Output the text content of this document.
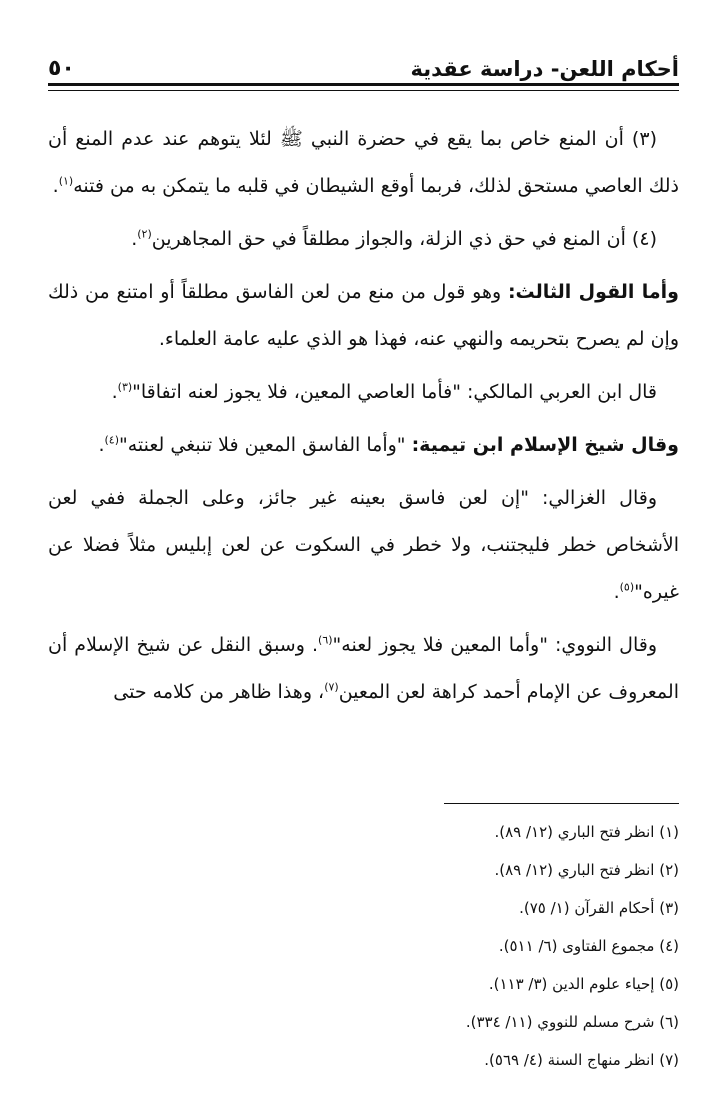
أحكام اللعن- دراسة عقدية
٥٠

(٣) أن المنع خاص بما يقع في حضرة النبي ﷺ لئلا يتوهم عند عدم المنع أن ذلك العاصي مستحق لذلك، فربما أوقع الشيطان في قلبه ما يتمكن به من فتنه$^{(١)}$.

(٤) أن المنع في حق ذي الزلة، والجواز مطلقاً في حق المجاهرين$^{(٢)}$.

وأما القول الثالث: وهو قول من منع من لعن الفاسق مطلقاً أو امتنع من ذلك وإن لم يصرح بتحريمه والنهي عنه، فهذا هو الذي عليه عامة العلماء.

قال ابن العربي المالكي: "فأما العاصي المعين، فلا يجوز لعنه اتفاقا"$^{(٣)}$.

وقال شيخ الإسلام ابن تيمية: "وأما الفاسق المعين فلا تنبغي لعنته"$^{(٤)}$.

وقال الغزالي: "إن لعن فاسق بعينه غير جائز، وعلى الجملة ففي لعن الأشخاص خطر فليجتنب، ولا خطر في السكوت عن لعن إبليس مثلاً فضلا عن غيره"$^{(٥)}$.

وقال النووي: "وأما المعين فلا يجوز لعنه"$^{(٦)}$. وسبق النقل عن شيخ الإسلام أن المعروف عن الإمام أحمد كراهة لعن المعين$^{(٧)}$، وهذا ظاهر من كلامه حتى

(١) انظر فتح الباري (١٢/ ٨٩).
(٢) انظر فتح الباري (١٢/ ٨٩).
(٣) أحكام القرآن (١/ ٧٥).
(٤) مجموع الفتاوى (٦/ ٥١١).
(٥) إحياء علوم الدين (٣/ ١١٣).
(٦) شرح مسلم للنووي (١١/ ٣٣٤).
(٧) انظر منهاج السنة (٤/ ٥٦٩).
